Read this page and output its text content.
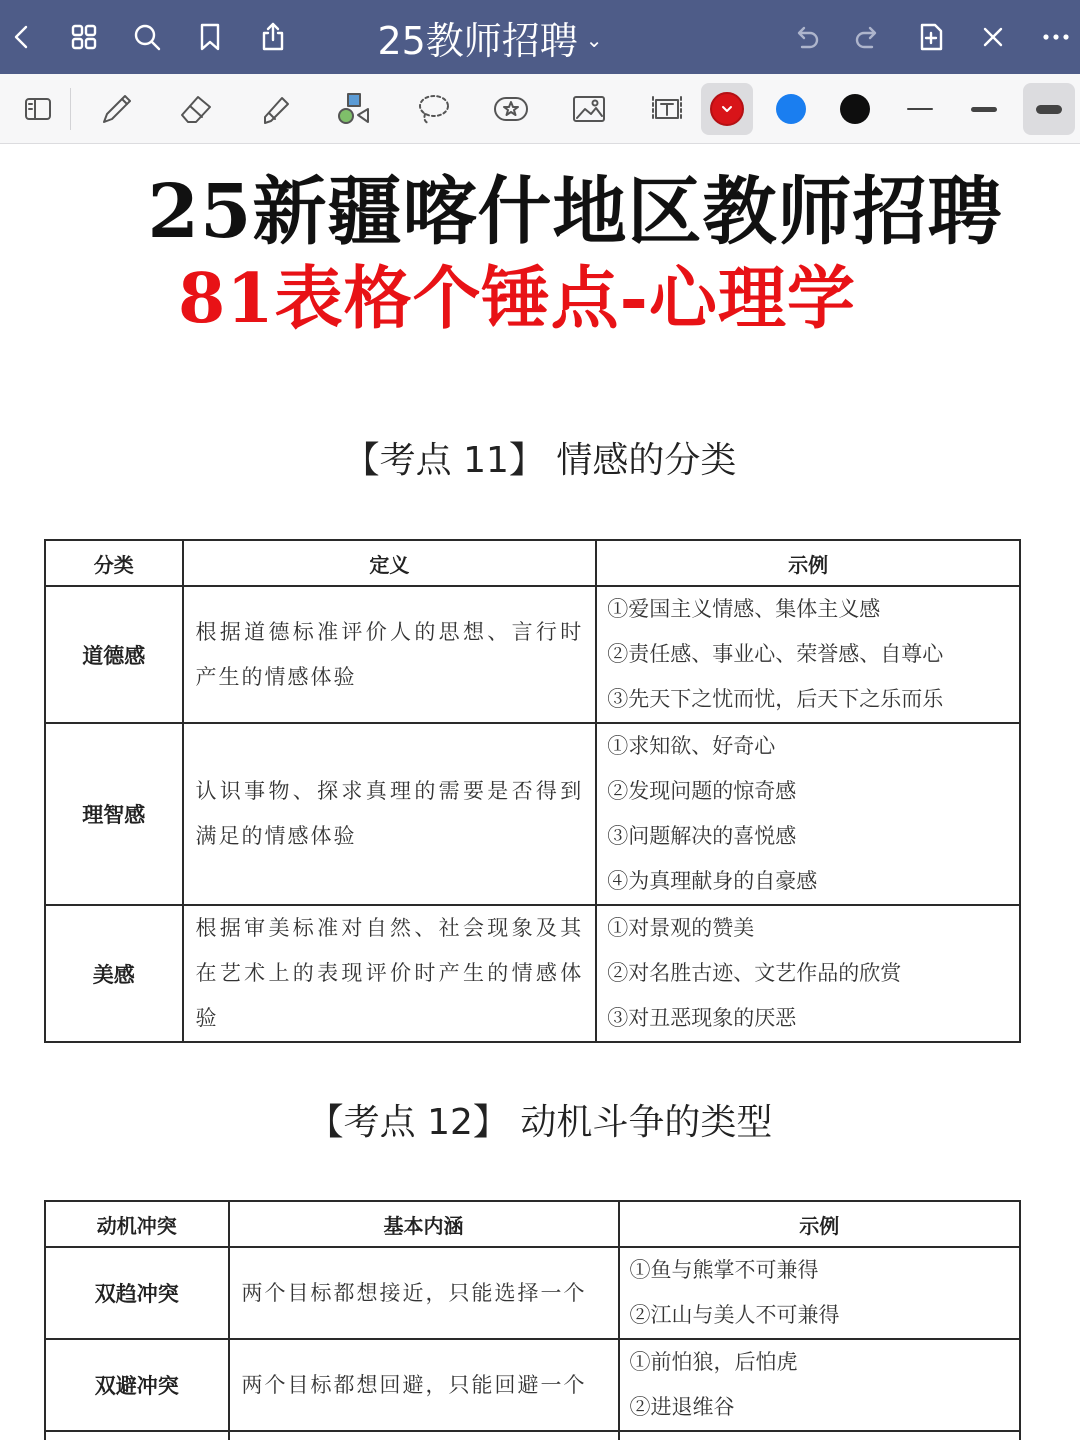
25教师招聘 ⌄
25新疆喀什地区教师招聘
81表格个锤点-心理学
【考点 11】 情感的分类
分类	定义	示例
道德感	根据道德标准评价人的思想、言行时产生的情感体验	①爱国主义情感、集体主义感
②责任感、事业心、荣誉感、自尊心
③先天下之忧而忧，后天下之乐而乐

理智感	认识事物、探求真理的需要是否得到满足的情感体验	①求知欲、好奇心
②发现问题的惊奇感
③问题解决的喜悦感
④为真理献身的自豪感

美感	根据审美标准对自然、社会现象及其在艺术上的表现评价时产生的情感体验	①对景观的赞美
②对名胜古迹、文艺作品的欣赏
③对丑恶现象的厌恶
【考点 12】 动机斗争的类型
动机冲突	基本内涵	示例
双趋冲突	两个目标都想接近，只能选择一个	①鱼与熊掌不可兼得
②江山与美人不可兼得

双避冲突	两个目标都想回避，只能回避一个	①前怕狼，后怕虎
②进退维谷
